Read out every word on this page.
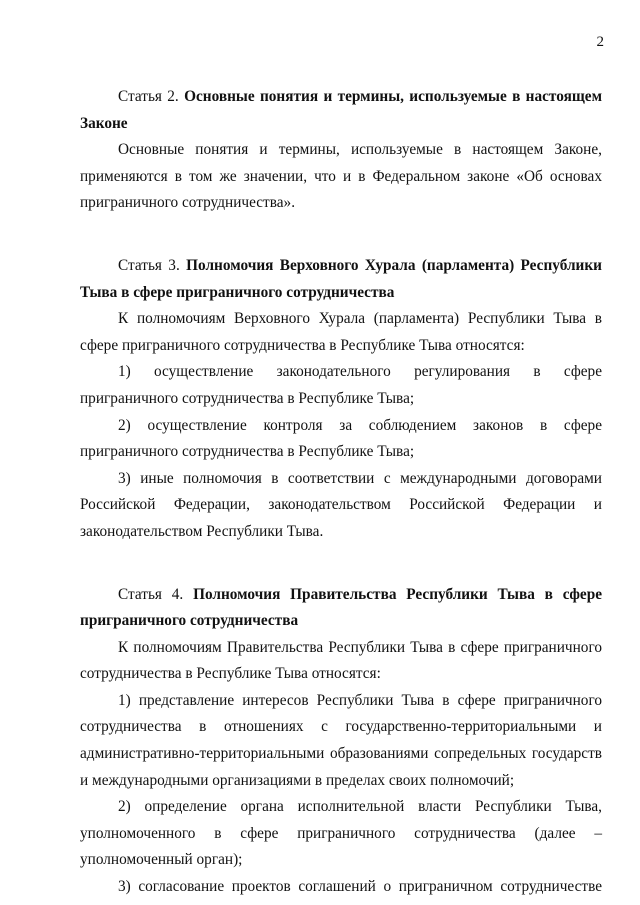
2

Статья 2. Основные понятия и термины, используемые в настоящем Законе

Основные понятия и термины, используемые в настоящем Законе, применяются в том же значении, что и в Федеральном законе «Об основах приграничного сотрудничества».

Статья 3. Полномочия Верховного Хурала (парламента) Республики Тыва в сфере приграничного сотрудничества

К полномочиям Верховного Хурала (парламента) Республики Тыва в сфере приграничного сотрудничества в Республике Тыва относятся:

1) осуществление законодательного регулирования в сфере приграничного сотрудничества в Республике Тыва;

2) осуществление контроля за соблюдением законов в сфере приграничного сотрудничества в Республике Тыва;

3) иные полномочия в соответствии с международными договорами Российской Федерации, законодательством Российской Федерации и законодательством Республики Тыва.

Статья 4. Полномочия Правительства Республики Тыва в сфере приграничного сотрудничества

К полномочиям Правительства Республики Тыва в сфере приграничного сотрудничества в Республике Тыва относятся:

1) представление интересов Республики Тыва в сфере приграничного сотрудничества в отношениях с государственно-территориальными и административно-территориальными образованиями сопредельных государств и международными организациями в пределах своих полномочий;

2) определение органа исполнительной власти Республики Тыва, уполномоченного в сфере приграничного сотрудничества (далее – уполномоченный орган);

3) согласование проектов соглашений о приграничном сотрудничестве
